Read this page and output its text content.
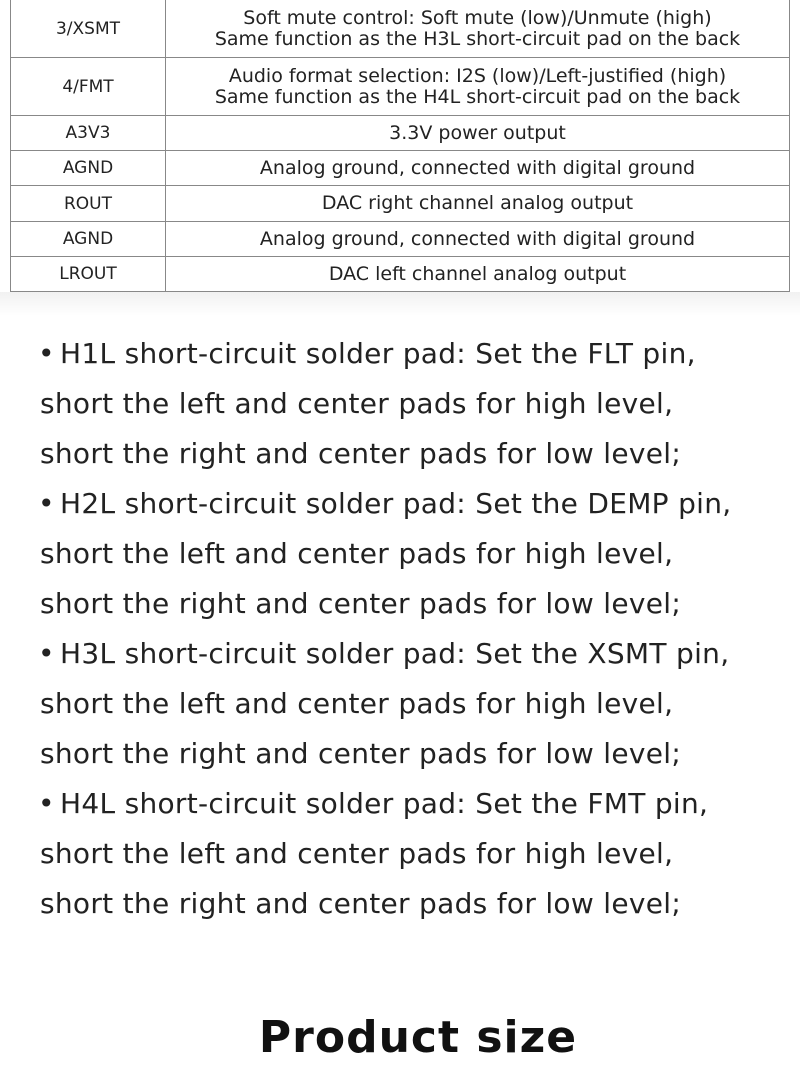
3/XSMT	Soft mute control: Soft mute (low)/Unmute (high)
Same function as the H3L short-circuit pad on the back
4/FMT	Audio format selection: I2S (low)/Left-justified (high)
Same function as the H4L short-circuit pad on the back
A3V3	3.3V power output
AGND	Analog ground, connected with digital ground
ROUT	DAC right channel analog output
AGND	Analog ground, connected with digital ground
LROUT	DAC left channel analog output
• H1L short-circuit solder pad: Set the FLT pin,
short the left and center pads for high level,
short the right and center pads for low level;
• H2L short-circuit solder pad: Set the DEMP pin,
short the left and center pads for high level,
short the right and center pads for low level;
• H3L short-circuit solder pad: Set the XSMT pin,
short the left and center pads for high level,
short the right and center pads for low level;
• H4L short-circuit solder pad: Set the FMT pin,
short the left and center pads for high level,
short the right and center pads for low level;
Product size
